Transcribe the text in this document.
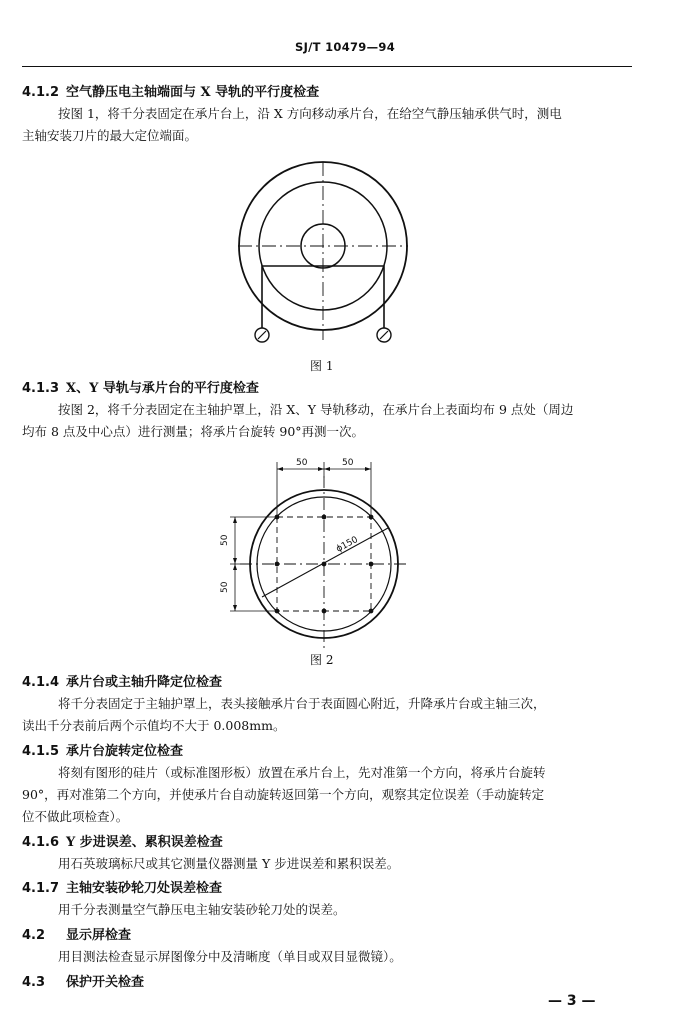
SJ/T 10479—94
4.1.2 空气静压电主轴端面与 X 导轨的平行度检查
按图 1，将千分表固定在承片台上，沿 X 方向移动承片台，在给空气静压轴承供气时，测电
主轴安装刀片的最大定位端面。
图 1
4.1.3 X、Y 导轨与承片台的平行度检查
按图 2，将千分表固定在主轴护罩上，沿 X、Y 导轨移动，在承片台上表面均布 9 点处（周边
均布 8 点及中心点）进行测量；将承片台旋转 90°再测一次。
50	50
50
50
ϕ150
图 2
4.1.4 承片台或主轴升降定位检查
将千分表固定于主轴护罩上，表头接触承片台于表面圆心附近，升降承片台或主轴三次，
读出千分表前后两个示值均不大于 0.008mm。
4.1.5 承片台旋转定位检查
将刻有图形的硅片（或标准图形板）放置在承片台上，先对准第一个方向，将承片台旋转
90°，再对准第二个方向，并使承片台自动旋转返回第一个方向，观察其定位误差（手动旋转定
位不做此项检查）。
4.1.6 Y 步进误差、累积误差检查
用石英玻璃标尺或其它测量仪器测量 Y 步进误差和累积误差。
4.1.7 主轴安装砂轮刀处误差检查
用千分表测量空气静压电主轴安装砂轮刀处的误差。
4.2 显示屏检查
用目测法检查显示屏图像分中及清晰度（单目或双目显微镜）。
4.3 保护开关检查
— 3 —
